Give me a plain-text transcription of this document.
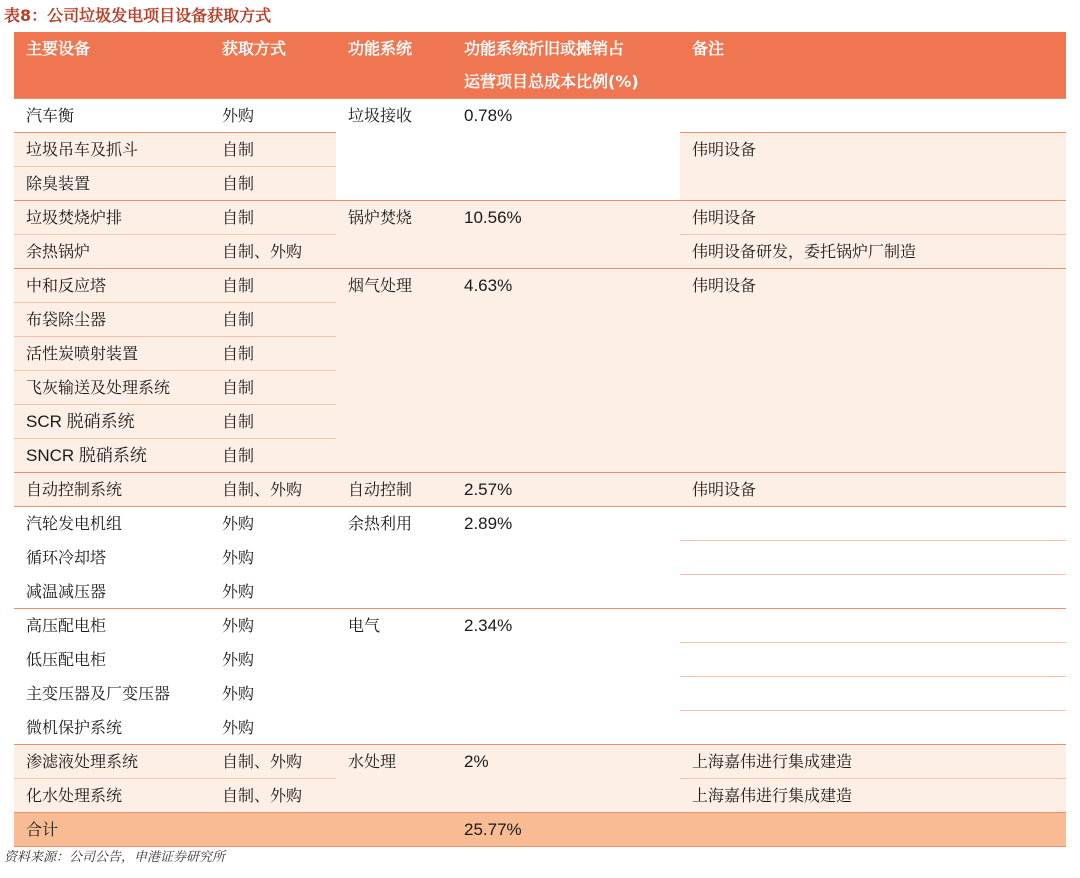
表8：公司垃圾发电项目设备获取方式
主要设备	获取方式	功能系统	功能系统折旧或摊销占	备注
			运营项目总成本比例(%)	
汽车衡	外购	垃圾接收	0.78%	
垃圾吊车及抓斗	自制			伟明设备
除臭装置	自制			
垃圾焚烧炉排	自制	锅炉焚烧	10.56%	伟明设备
余热锅炉	自制、外购			伟明设备研发，委托锅炉厂制造
中和反应塔	自制	烟气处理	4.63%	伟明设备
布袋除尘器	自制			
活性炭喷射装置	自制			
飞灰输送及处理系统	自制			
SCR 脱硝系统	自制			
SNCR 脱硝系统	自制			
自动控制系统	自制、外购	自动控制	2.57%	伟明设备
汽轮发电机组	外购	余热利用	2.89%	
循环冷却塔	外购			
减温减压器	外购			
高压配电柜	外购	电气	2.34%	
低压配电柜	外购			
主变压器及厂变压器	外购			
微机保护系统	外购			
渗滤液处理系统	自制、外购	水处理	2%	上海嘉伟进行集成建造
化水处理系统	自制、外购			上海嘉伟进行集成建造
合计			25.77%	
资料来源：公司公告，申港证券研究所
